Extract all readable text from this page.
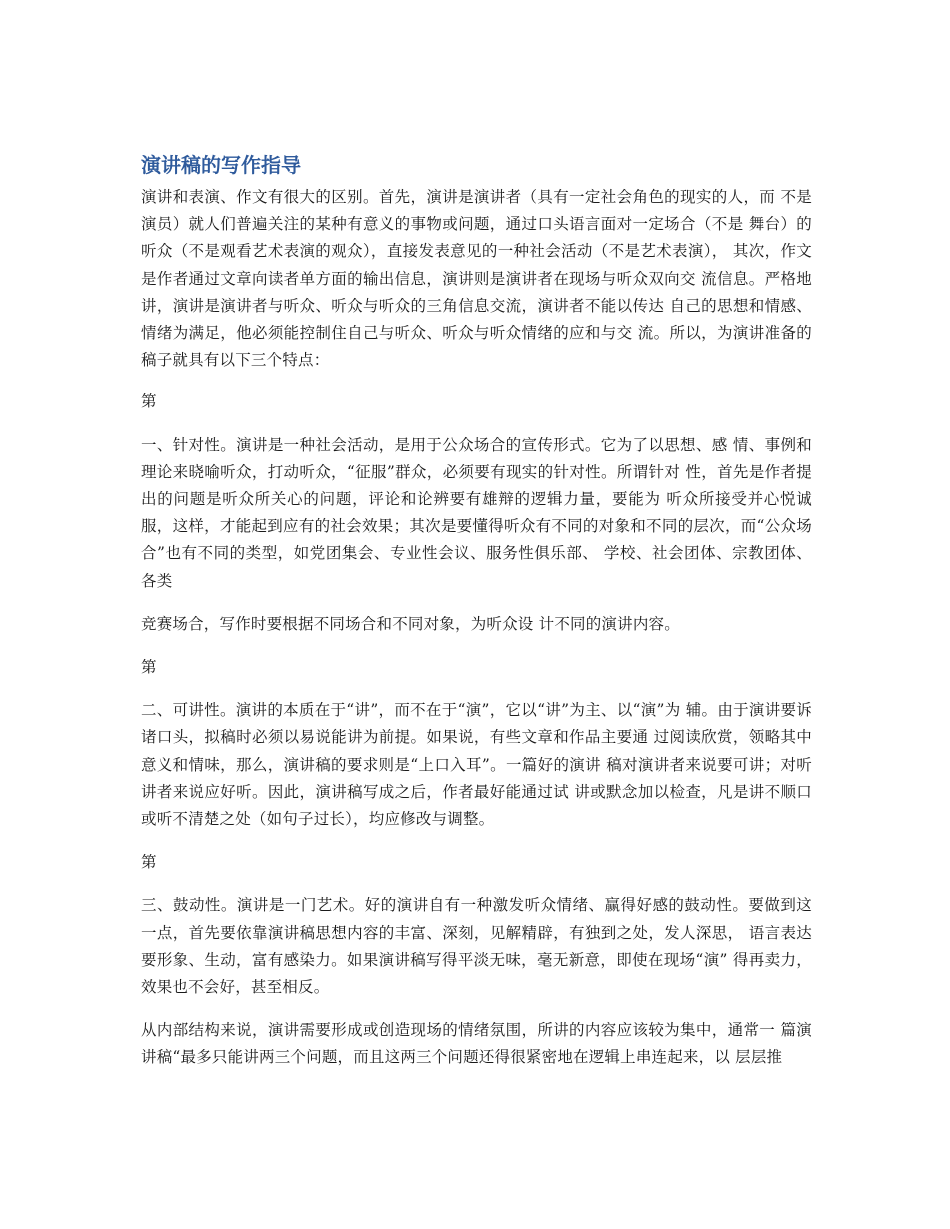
演讲稿的写作指导

演讲和表演、作文有很大的区别。首先，演讲是演讲者（具有一定社会角色的现实的人，而 不是演员）就人们普遍关注的某种有意义的事物或问题，通过口头语言面对一定场合（不是 舞台）的听众（不是观看艺术表演的观众），直接发表意见的一种社会活动（不是艺术表演）， 其次，作文是作者通过文章向读者单方面的输出信息，演讲则是演讲者在现场与听众双向交 流信息。严格地讲，演讲是演讲者与听众、听众与听众的三角信息交流，演讲者不能以传达 自己的思想和情感、情绪为满足，他必须能控制住自己与听众、听众与听众情绪的应和与交 流。所以，为演讲准备的稿子就具有以下三个特点：

第

一、针对性。演讲是一种社会活动，是用于公众场合的宣传形式。它为了以思想、感 情、事例和理论来晓喻听众，打动听众，“征服”群众，必须要有现实的针对性。所谓针对 性，首先是作者提出的问题是听众所关心的问题，评论和论辨要有雄辩的逻辑力量，要能为 听众所接受并心悦诚服，这样，才能起到应有的社会效果；其次是要懂得听众有不同的对象和不同的层次，而“公众场合”也有不同的类型，如党团集会、专业性会议、服务性俱乐部、 学校、社会团体、宗教团体、各类

竞赛场合，写作时要根据不同场合和不同对象，为听众设 计不同的演讲内容。

第

二、可讲性。演讲的本质在于“讲”，而不在于“演”，它以“讲”为主、以“演”为 辅。由于演讲要诉诸口头，拟稿时必须以易说能讲为前提。如果说，有些文章和作品主要通 过阅读欣赏，领略其中意义和情味，那么，演讲稿的要求则是“上口入耳”。一篇好的演讲 稿对演讲者来说要可讲；对听讲者来说应好听。因此，演讲稿写成之后，作者最好能通过试 讲或默念加以检查，凡是讲不顺口或听不清楚之处（如句子过长），均应修改与调整。

第

三、鼓动性。演讲是一门艺术。好的演讲自有一种激发听众情绪、赢得好感的鼓动性。要做到这一点，首先要依靠演讲稿思想内容的丰富、深刻，见解精辟，有独到之处，发人深思， 语言表达要形象、生动，富有感染力。如果演讲稿写得平淡无味，毫无新意，即使在现场“演” 得再卖力，效果也不会好，甚至相反。

从内部结构来说，演讲需要形成或创造现场的情绪氛围，所讲的内容应该较为集中，通常一 篇演讲稿“最多只能讲两三个问题，而且这两三个问题还得很紧密地在逻辑上串连起来，以 层层推
